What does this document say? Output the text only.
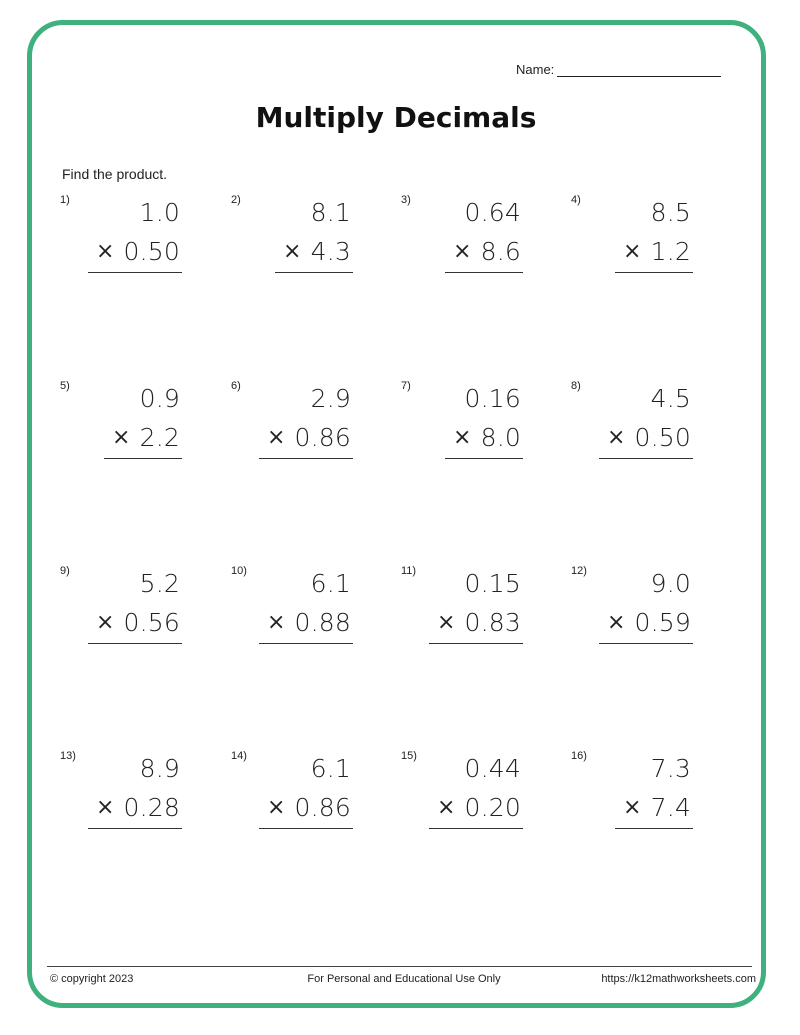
Name:
Multiply Decimals
Find the product.
1)	1.0
0.50
×
2)	8.1
4.3
×
3) 0.64
8.6
×
4)	8.5
1.2
×
5)	0.9
2.2
×
6)	2.9
0.86
×
7) 0.16
8.0
×
8)	4.5
0.50
×
9)	5.2
0.56
×
10)	6.1
0.88
×
11) 0.15
0.83
×
12)	9.0
0.59
×
13)	8.9
0.28
×
14)	6.1
0.86
×
15) 0.44
0.20
×
16)	7.3
7.4
×
© copyright 2023	For Personal and Educational Use Only	https://k12mathworksheets.com
